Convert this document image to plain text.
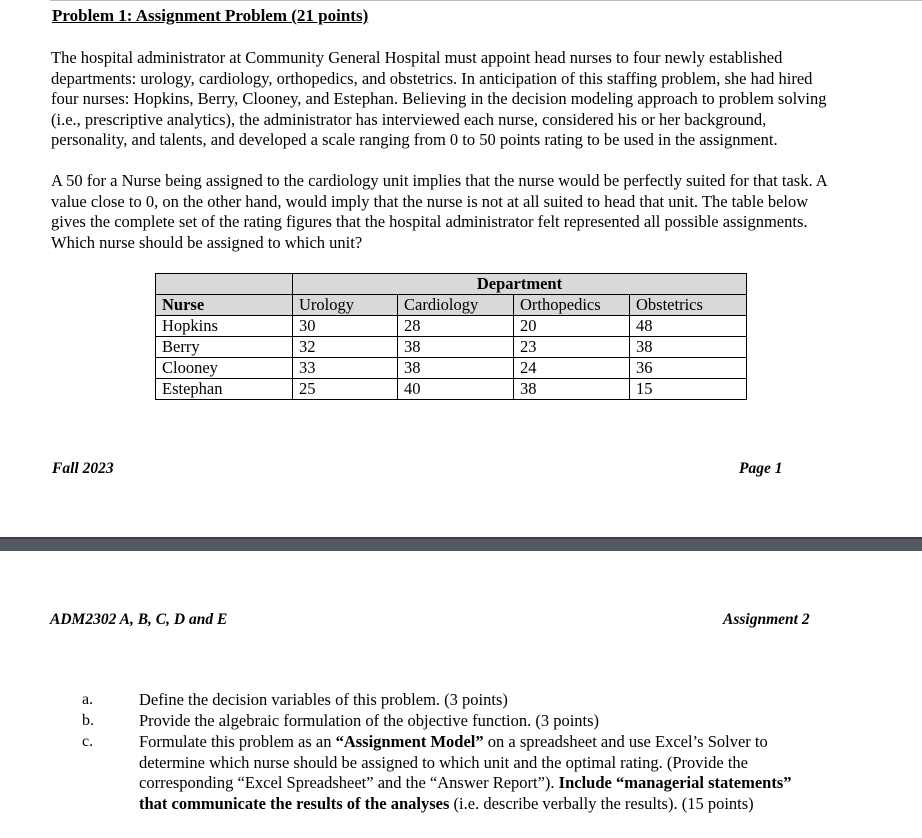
Problem 1: Assignment Problem (21 points)

The hospital administrator at Community General Hospital must appoint head nurses to four newly established departments: urology, cardiology, orthopedics, and obstetrics. In anticipation of this staffing problem, she had hired four nurses: Hopkins, Berry, Clooney, and Estephan. Believing in the decision modeling approach to problem solving (i.e., prescriptive analytics), the administrator has interviewed each nurse, considered his or her background, personality, and talents, and developed a scale ranging from 0 to 50 points rating to be used in the assignment.

A 50 for a Nurse being assigned to the cardiology unit implies that the nurse would be perfectly suited for that task. A value close to 0, on the other hand, would imply that the nurse is not at all suited to head that unit. The table below gives the complete set of the rating figures that the hospital administrator felt represented all possible assignments. Which nurse should be assigned to which unit?

	Department			
Nurse	Urology	Cardiology	Orthopedics	Obstetrics
Hopkins	30	28	20	48
Berry	32	38	23	38
Clooney	33	38	24	36
Estephan	25	40	38	15
Fall 2023	Page 1
ADM2302 A, B, C, D and E	Assignment 2
a.	Define the decision variables of this problem. (3 points)
b.	Provide the algebraic formulation of the objective function. (3 points)
c.	Formulate this problem as an “Assignment Model” on a spreadsheet and use Excel’s Solver to determine which nurse should be assigned to which unit and the optimal rating. (Provide the corresponding “Excel Spreadsheet” and the “Answer Report”). Include “managerial statements” that communicate the results of the analyses (i.e. describe verbally the results). (15 points)
